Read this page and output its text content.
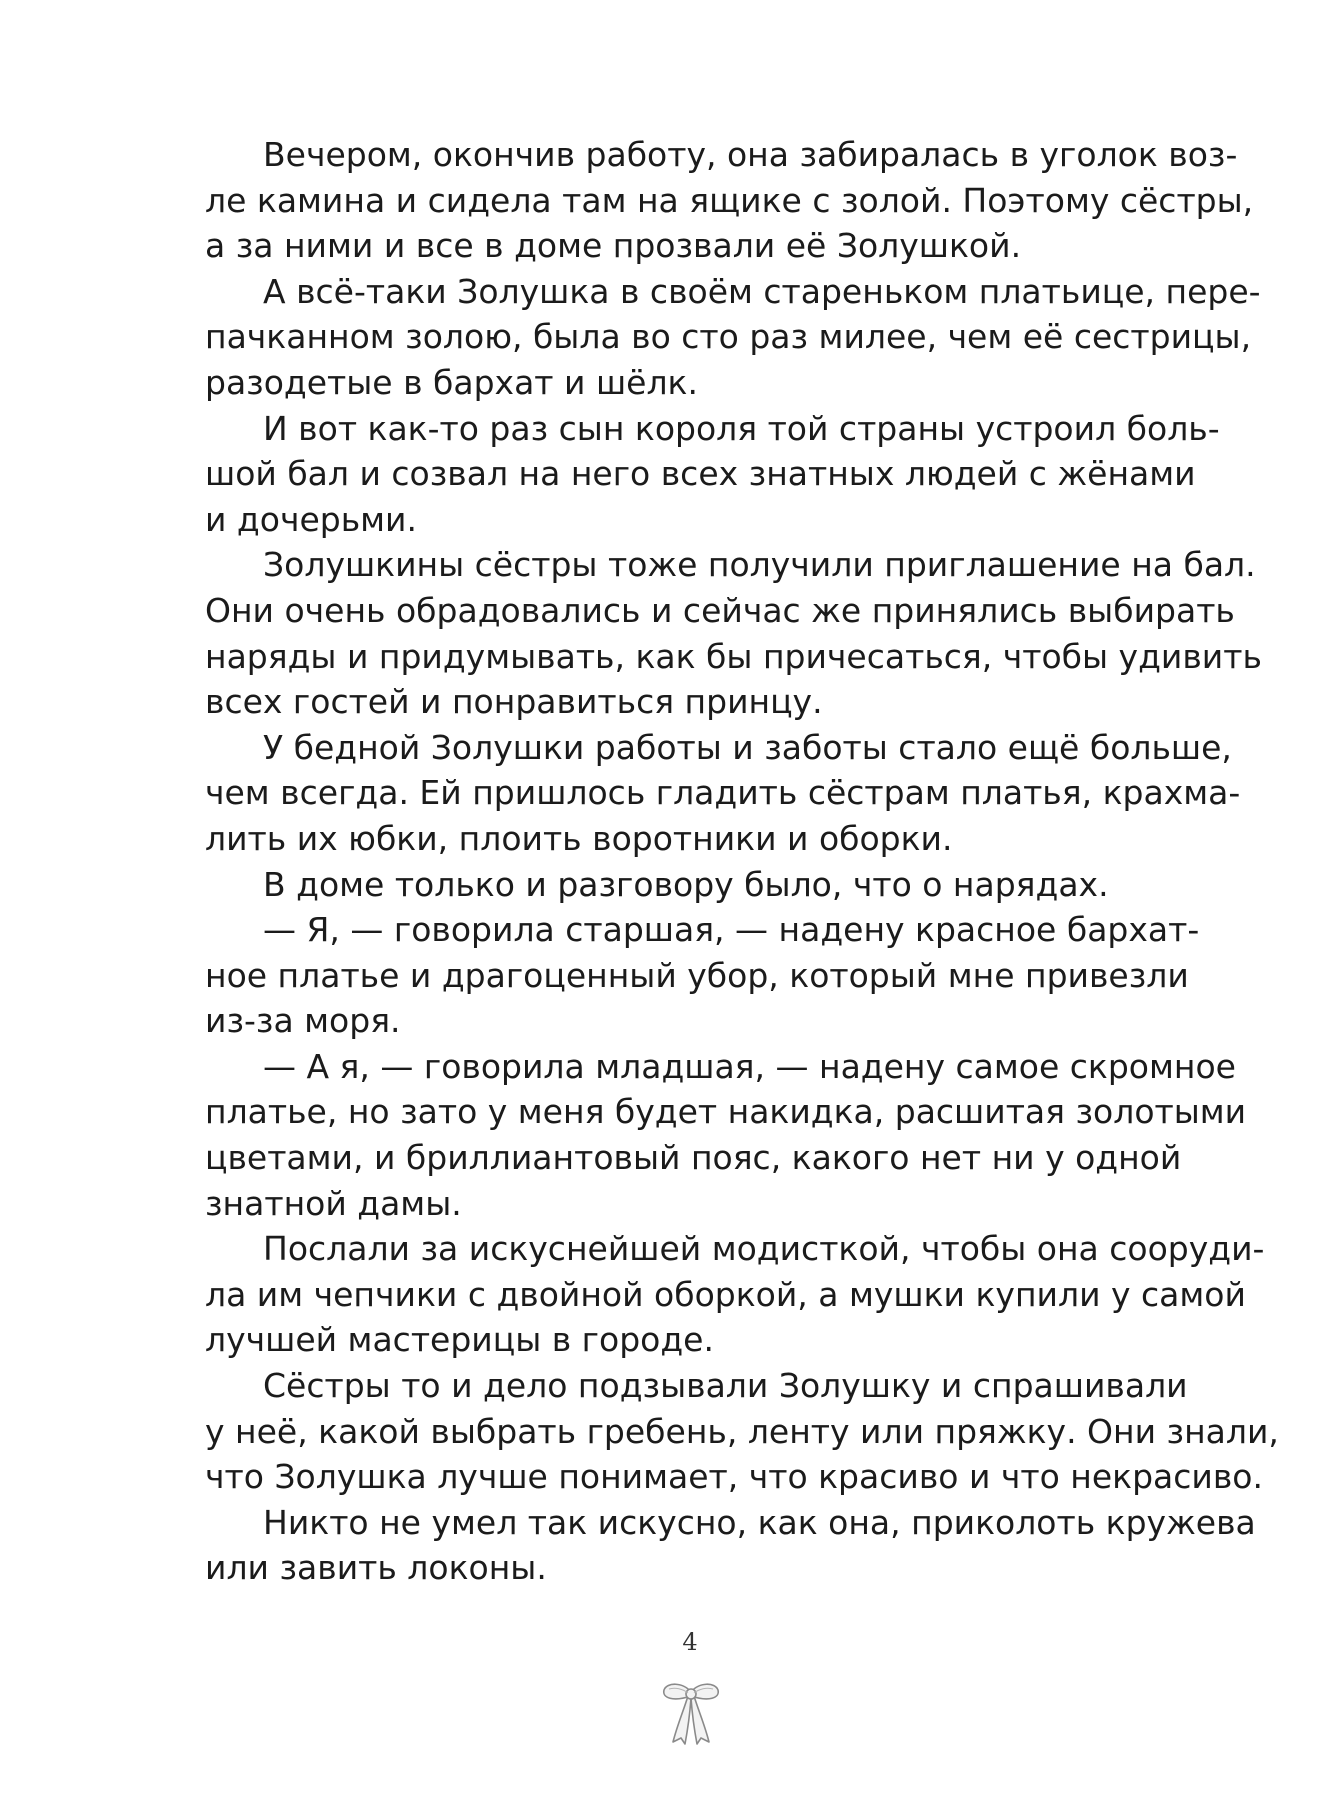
Вечером, окончив работу, она забиралась в уголок воз-
ле камина и сидела там на ящике с золой. Поэтому сёстры,
а за ними и все в доме прозвали её Золушкой.
А всё-таки Золушка в своём стареньком платьице, пере-
пачканном золою, была во сто раз милее, чем её сестрицы,
разодетые в бархат и шёлк.
И вот как-то раз сын короля той страны устроил боль-
шой бал и созвал на него всех знатных людей с жёнами
и дочерьми.
Золушкины сёстры тоже получили приглашение на бал.
Они очень обрадовались и сейчас же принялись выбирать
наряды и придумывать, как бы причесаться, чтобы удивить
всех гостей и понравиться принцу.
У бедной Золушки работы и заботы стало ещё больше,
чем всегда. Ей пришлось гладить сёстрам платья, крахма-
лить их юбки, плоить воротники и оборки.
В доме только и разговору было, что о нарядах.
— Я, — говорила старшая, — надену красное бархат-
ное платье и драгоценный убор, который мне привезли
из-за моря.
— А я, — говорила младшая, — надену самое скромное
платье, но зато у меня будет накидка, расшитая золотыми
цветами, и бриллиантовый пояс, какого нет ни у одной
знатной дамы.
Послали за искуснейшей модисткой, чтобы она сооруди-
ла им чепчики с двойной оборкой, а мушки купили у самой
лучшей мастерицы в городе.
Сёстры то и дело подзывали Золушку и спрашивали
у неё, какой выбрать гребень, ленту или пряжку. Они знали,
что Золушка лучше понимает, что красиво и что некрасиво.
Никто не умел так искусно, как она, приколоть кружева
или завить локоны.
4
